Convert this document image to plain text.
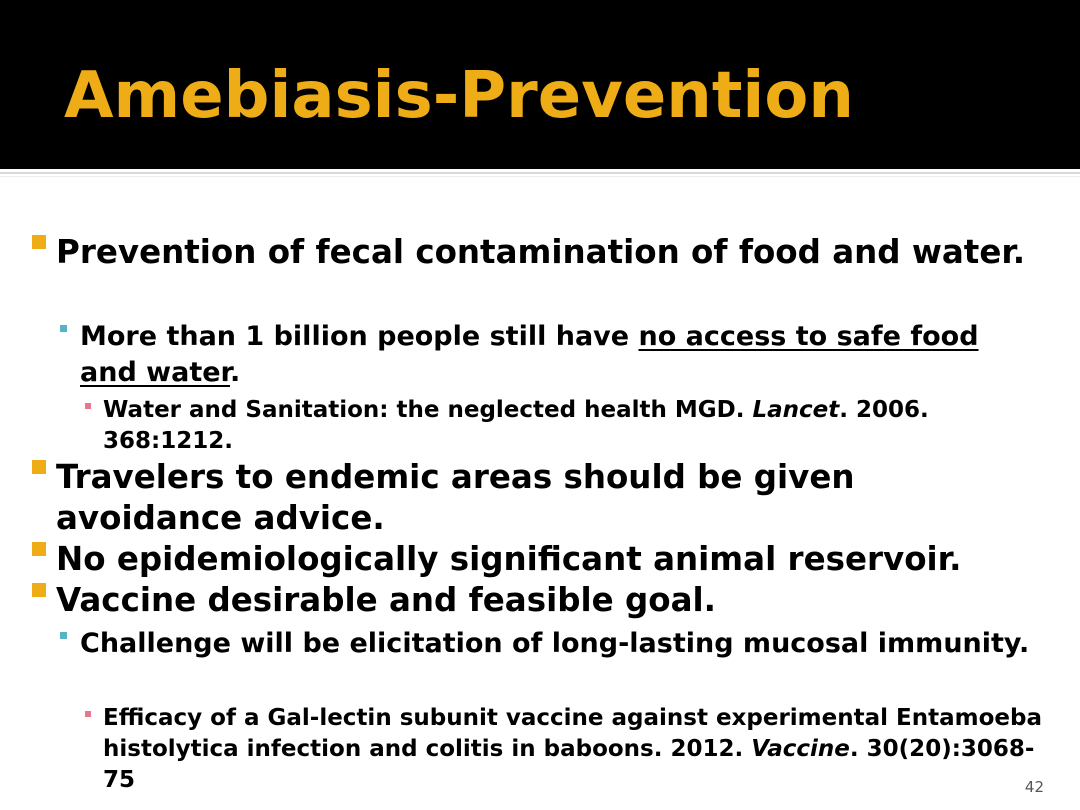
Amebiasis-Prevention
Prevention of fecal contamination of food and water.
More than 1 billion people still have no access to safe food and water.
Water and Sanitation: the neglected health MGD. Lancet. 2006. 368:1212.
Travelers to endemic areas should be given avoidance advice.
No epidemiologically significant animal reservoir.
Vaccine desirable and feasible goal.
Challenge will be elicitation of long-lasting mucosal immunity.
Efficacy of a Gal-lectin subunit vaccine against experimental Entamoeba histolytica infection and colitis in baboons. 2012. Vaccine. 30(20):3068-75	42
